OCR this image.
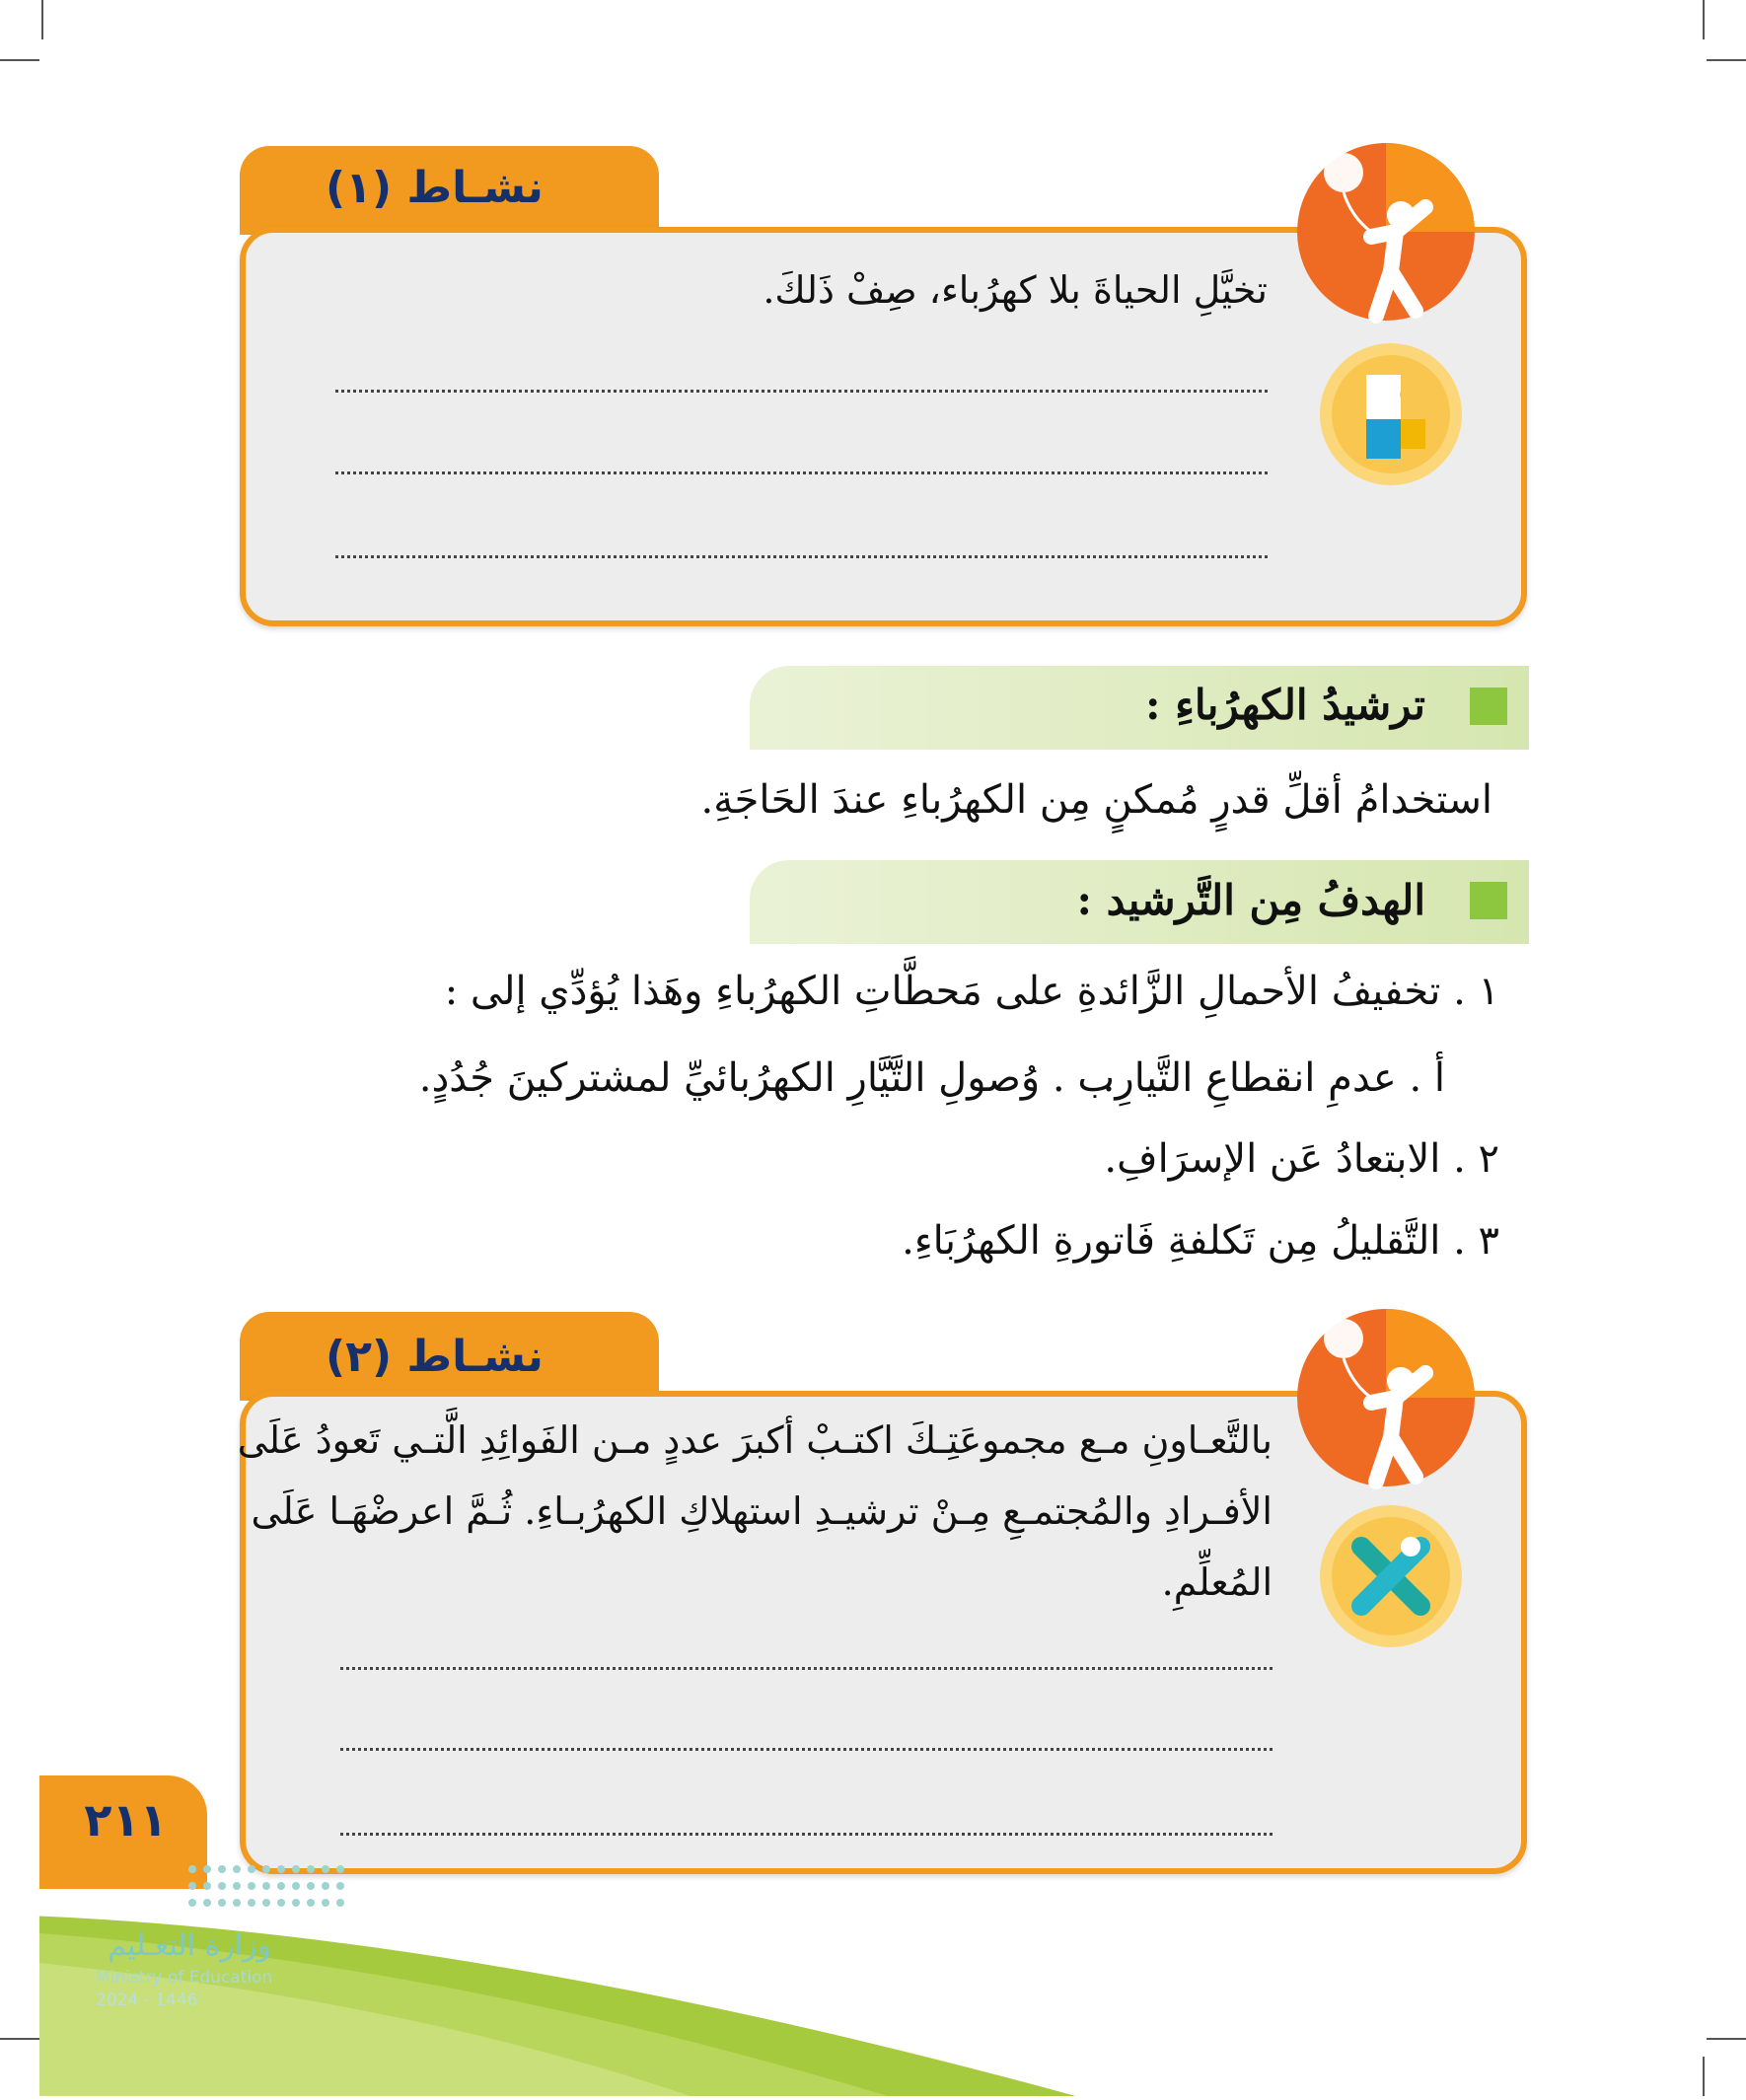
نشـاط (١)
تخيَّلِ الحياةَ بلا كهرُباء، صِفْ ذَلكَ.
ترشيدُ الكهرُباءِ :
استخدامُ أقلِّ قدرٍ مُمكنٍ مِن الكهرُباءِ عندَ الحَاجَةِ.
الهدفُ مِن التَّرشيد :
١ . تخفيفُ الأحمالِ الزَّائدةِ على مَحطَّاتِ الكهرُباءِ وهَذا يُؤدِّي إلى :
أ . عدمِ انقطاعِ التَّيارِ.
ب . وُصولِ التَّيَّارِ الكهرُبائيِّ لمشتركينَ جُدُدٍ.
٢ . الابتعادُ عَن الإسرَافِ.
٣ . التَّقليلُ مِن تَكلفةِ فَاتورةِ الكهرُبَاءِ.
نشـاط (٢)
بالتَّعـاونِ مـع مجموعَتِـكَ اكتـبْ أكبرَ عددٍ مـن الفَوائِدِ الَّتـي تَعودُ عَلَى
الأفـرادِ والمُجتمـعِ مِـنْ ترشيـدِ استهلاكِ الكهرُبـاءِ. ثُـمَّ اعرضْهَـا عَلَى
المُعلِّمِ.
٢١١
وزارة التعـليم
Ministry of Education
2024 - 1446
